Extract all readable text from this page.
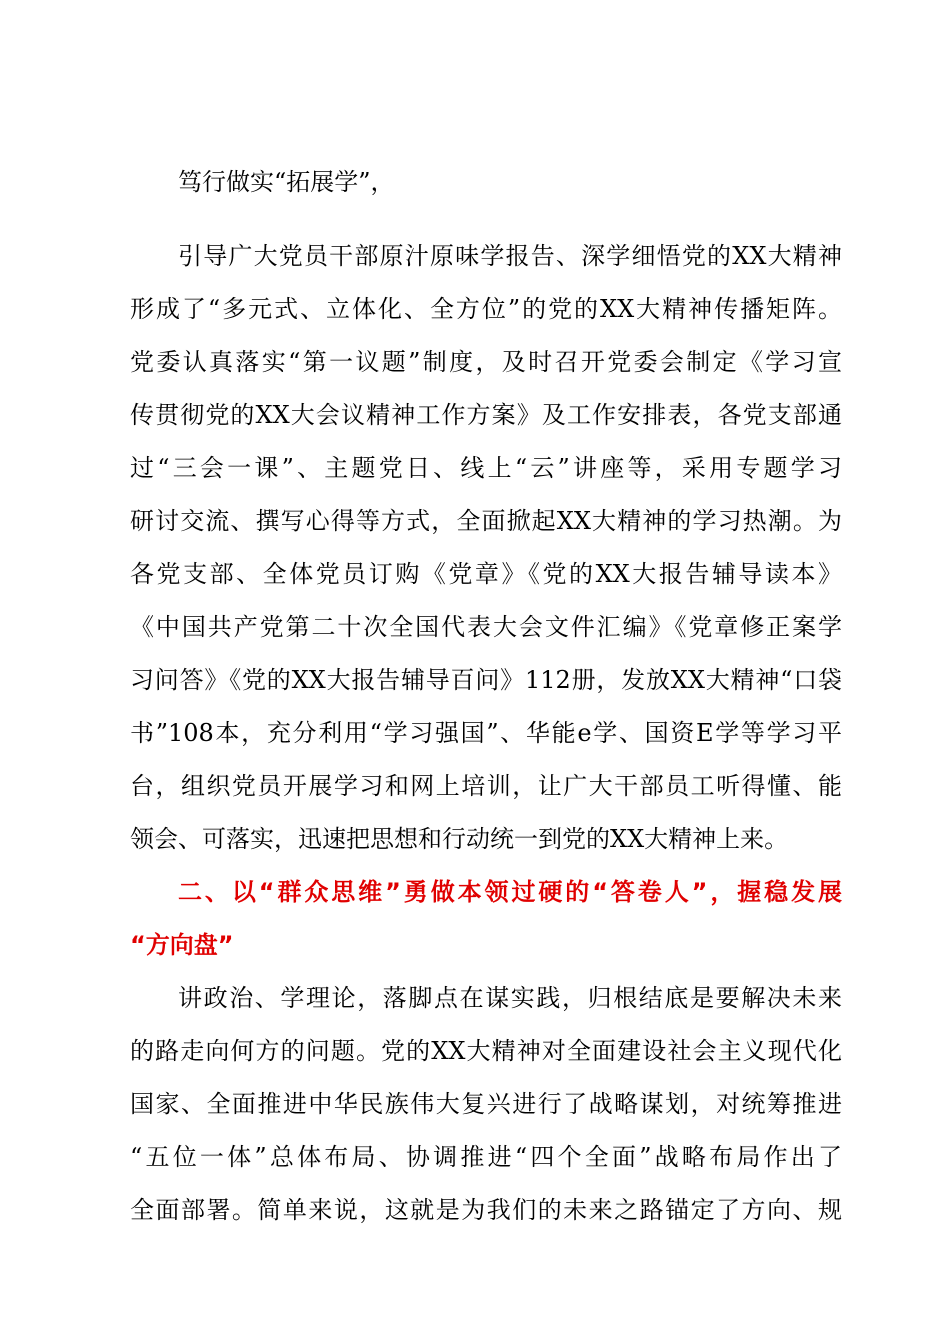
笃行做实“拓展学”，
引导广大党员干部原汁原味学报告、深学细悟党的XX大精神
形成了“多元式、立体化、全方位”的党的XX大精神传播矩阵。
党委认真落实“第一议题”制度，及时召开党委会制定《学习宣
传贯彻党的XX大会议精神工作方案》及工作安排表，各党支部通
过“三会一课”、主题党日、线上“云”讲座等，采用专题学习
研讨交流、撰写心得等方式，全面掀起XX大精神的学习热潮。为
各党支部、全体党员订购《党章》《党的XX大报告辅导读本》
《中国共产党第二十次全国代表大会文件汇编》《党章修正案学
习问答》《党的XX大报告辅导百问》112册，发放XX大精神“口袋
书”108本，充分利用“学习强国”、华能e学、国资E学等学习平
台，组织党员开展学习和网上培训，让广大干部员工听得懂、能
领会、可落实，迅速把思想和行动统一到党的XX大精神上来。
二、以“群众思维”勇做本领过硬的“答卷人”，握稳发展
“方向盘”
讲政治、学理论，落脚点在谋实践，归根结底是要解决未来
的路走向何方的问题。党的XX大精神对全面建设社会主义现代化
国家、全面推进中华民族伟大复兴进行了战略谋划，对统筹推进
“五位一体”总体布局、协调推进“四个全面”战略布局作出了
全面部署。简单来说，这就是为我们的未来之路锚定了方向、规
